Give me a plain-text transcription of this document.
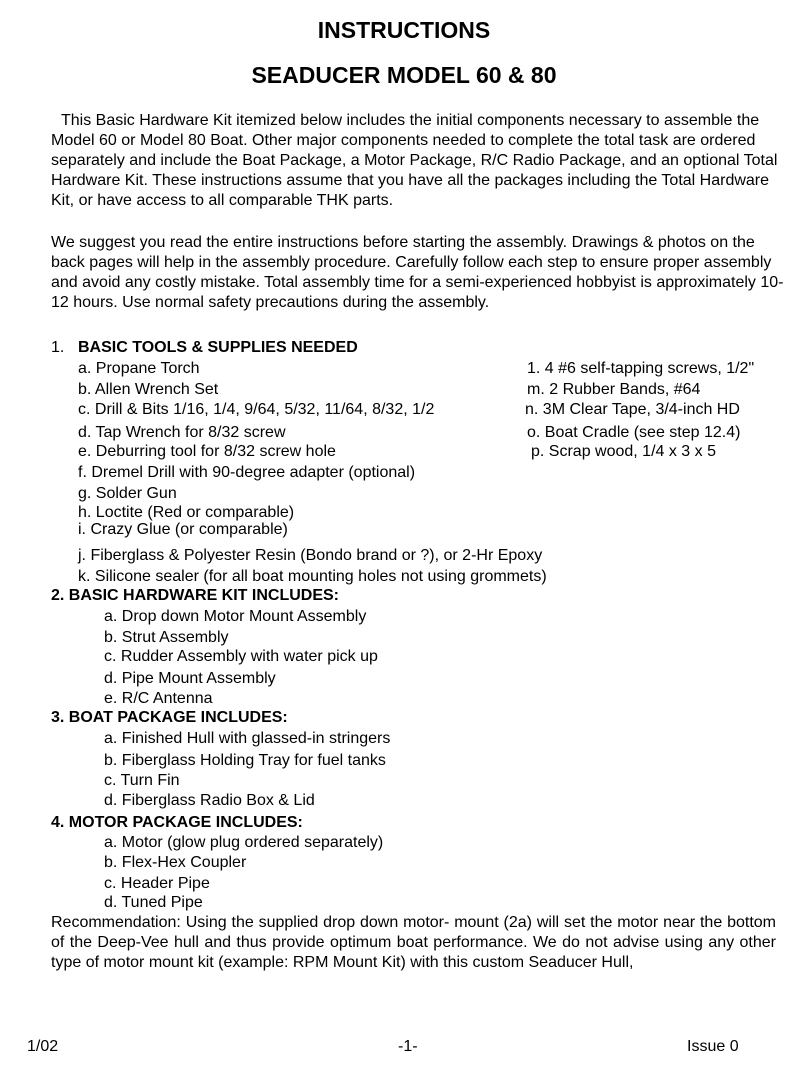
INSTRUCTIONS
SEADUCER MODEL 60 & 80
This Basic Hardware Kit itemized below includes the initial components necessary to assemble the Model 60 or Model 80 Boat. Other major components needed to complete the total task are ordered separately and include the Boat Package, a Motor Package, R/C Radio Package, and an optional Total Hardware Kit. These instructions assume that you have all the packages including the Total Hardware Kit, or have access to all comparable THK parts.
We suggest you read the entire instructions before starting the assembly. Drawings & photos on the back pages will help in the assembly procedure. Carefully follow each step to ensure proper assembly and avoid any costly mistake. Total assembly time for a semi-experienced hobbyist is approximately 10-12 hours. Use normal safety precautions during the assembly.
1. BASIC TOOLS & SUPPLIES NEEDED
a. Propane Torch
b. Allen Wrench Set
c. Drill & Bits 1/16, 1/4, 9/64, 5/32, 11/64, 8/32, 1/2
d. Tap Wrench for 8/32 screw
e. Deburring tool for 8/32 screw hole
f. Dremel Drill with 90-degree adapter (optional)
g. Solder Gun
h. Loctite (Red or comparable)
i. Crazy Glue (or comparable)
j. Fiberglass & Polyester Resin (Bondo brand or ?), or 2-Hr Epoxy
k. Silicone sealer (for all boat mounting holes not using grommets)
1. 4 #6 self-tapping screws, 1/2"
m. 2 Rubber Bands, #64
n. 3M Clear Tape, 3/4-inch HD
o. Boat Cradle (see step 12.4)
p. Scrap wood, 1/4 x 3 x 5
2. BASIC HARDWARE KIT INCLUDES:
a. Drop down Motor Mount Assembly
b. Strut Assembly
c. Rudder Assembly with water pick up
d. Pipe Mount Assembly
e. R/C Antenna
3. BOAT PACKAGE INCLUDES:
a. Finished Hull with glassed-in stringers
b. Fiberglass Holding Tray for fuel tanks
c. Turn Fin
d. Fiberglass Radio Box & Lid
4. MOTOR PACKAGE INCLUDES:
a. Motor (glow plug ordered separately)
b. Flex-Hex Coupler
c. Header Pipe
d. Tuned Pipe
Recommendation: Using the supplied drop down motor- mount (2a) will set the motor near the bottom of the Deep-Vee hull and thus provide optimum boat performance. We do not advise using any other type of motor mount kit (example: RPM Mount Kit) with this custom Seaducer Hull,
1/02	-1-	Issue 0
